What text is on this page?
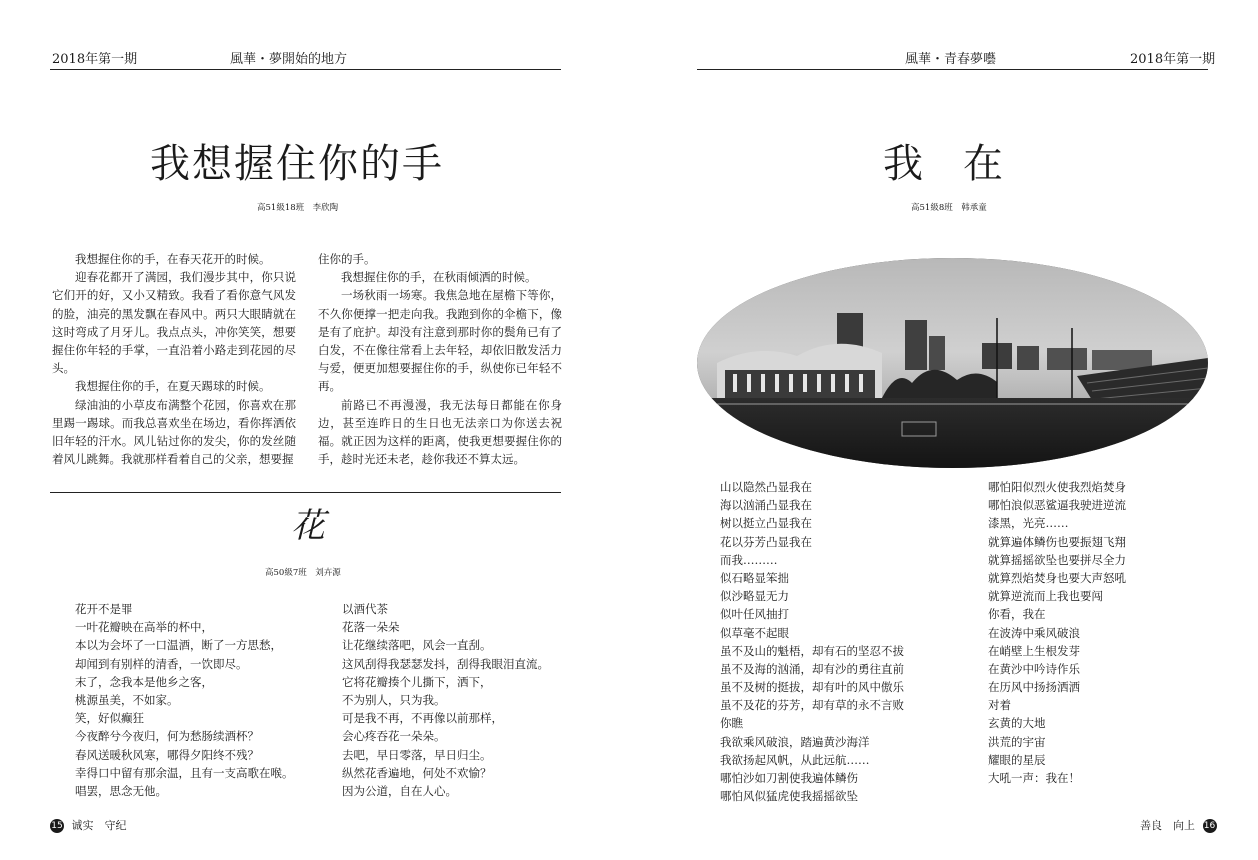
2018年第一期	風華・夢開始的地方
我想握住你的手
高51級18班　李欣陶

我想握住你的手，在春天花开的时候。

迎春花都开了满园，我们漫步其中，你只说它们开的好，又小又精致。我看了看你意气风发的脸，油亮的黑发飘在春风中。两只大眼睛就在这时弯成了月牙儿。我点点头，冲你笑笑，想要握住你年轻的手掌，一直沿着小路走到花园的尽头。

我想握住你的手，在夏天踢球的时候。

绿油油的小草皮布满整个花园，你喜欢在那里踢一踢球。而我总喜欢坐在场边，看你挥洒依旧年轻的汗水。风儿钻过你的发尖，你的发丝随着风儿跳舞。我就那样看着自己的父亲，想要握

住你的手。

我想握住你的手，在秋雨倾洒的时候。

一场秋雨一场寒。我焦急地在屋檐下等你，不久你便撑一把走向我。我跑到你的伞檐下，像是有了庇护。却没有注意到那时你的鬓角已有了白发，不在像往常看上去年轻，却依旧散发活力与爱，便更加想要握住你的手，纵使你已年轻不再。

前路已不再漫漫，我无法每日都能在你身边，甚至连昨日的生日也无法亲口为你送去祝福。就正因为这样的距离，使我更想要握住你的手，趁时光还未老，趁你我还不算太远。

花
高50級7班　刘卉源
花开不是罪
一叶花瓣映在高举的杯中，
本以为会坏了一口温酒，断了一方思愁，
却闻到有别样的清香，一饮即尽。
末了，念我本是他乡之客，
桃源虽美，不如家。
笑，好似癫狂
今夜醉兮今夜归，何为愁肠续酒杯？
春风送暖秋风寒，哪得夕阳终不残？
幸得口中留有那余温，且有一支高歌在喉。
唱罢，思念无他。
以酒代茶
花落一朵朵
让花继续落吧，风会一直刮。
这风刮得我瑟瑟发抖，刮得我眼泪直流。
它将花瓣揍个儿撕下，洒下，
不为别人，只为我。
可是我不再，不再像以前那样，
会心疼吞花一朵朵。
去吧，早日零落，早日归尘。
纵然花香遍地，何处不欢愉？
因为公道，自在人心。
15 诚实　守纪
風華・青春夢囈	2018年第一期
我　在
高51級8班　韩承童
山以隐然凸显我在
海以汹涌凸显我在
树以挺立凸显我在
花以芬芳凸显我在
而我………
似石略显笨拙
似沙略显无力
似叶任风抽打
似草毫不起眼
虽不及山的魁梧，却有石的坚忍不拔
虽不及海的汹涌，却有沙的勇往直前
虽不及树的挺拔，却有叶的风中傲乐
虽不及花的芬芳，却有草的永不言败
你瞧
我欲乘风破浪，踏遍黄沙海洋
我欲扬起风帆，从此远航……
哪怕沙如刀割使我遍体鳞伤
哪怕风似猛虎使我摇摇欲坠
哪怕阳似烈火使我烈焰焚身
哪怕浪似恶鲨逼我驶进逆流
漆黑，光亮……
就算遍体鳞伤也要振翅飞翔
就算摇摇欲坠也要拼尽全力
就算烈焰焚身也要大声怒吼
就算逆流而上我也要闯
你看，我在
在波涛中乘风破浪
在峭壁上生根发芽
在黄沙中吟诗作乐
在历风中扬扬洒洒
对着
玄黄的大地
洪荒的宇宙
耀眼的星辰
大吼一声：我在！
善良　向上 16
